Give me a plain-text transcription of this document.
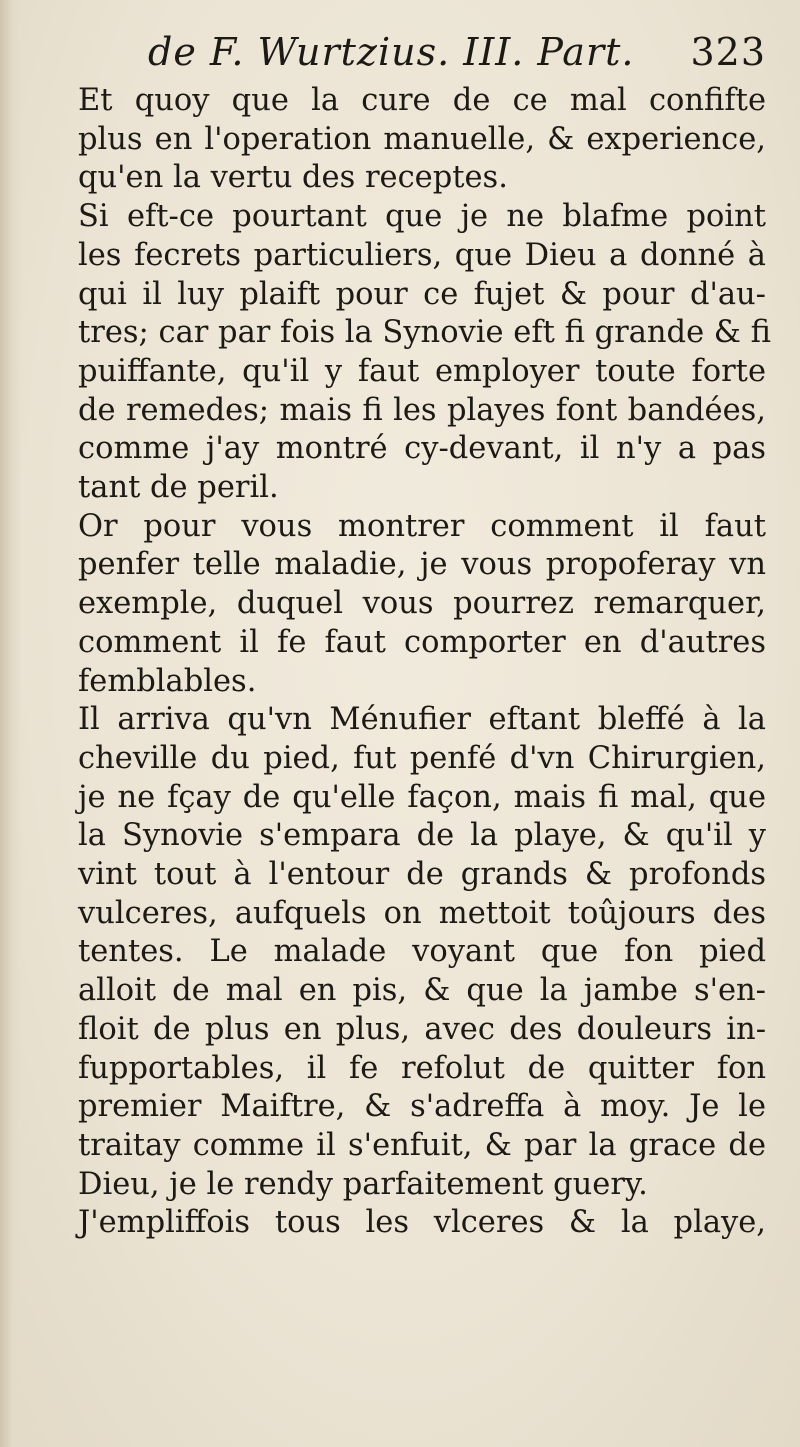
de F. Wurtzius. III. Part. 323
Et quoy que la cure de ce mal confifte
plus en l'operation manuelle, & experience,
qu'en la vertu des receptes.
Si eft-ce pourtant que je ne blafme point
les fecrets particuliers, que Dieu a donné à
qui il luy plaift pour ce fujet & pour d'au-
tres; car par fois la Synovie eft fi grande & fi
puiffante, qu'il y faut employer toute forte
de remedes; mais fi les playes font bandées,
comme j'ay montré cy-devant, il n'y a pas
tant de peril.
Or pour vous montrer comment il faut
penfer telle maladie, je vous propoferay vn
exemple, duquel vous pourrez remarquer,
comment il fe faut comporter en d'autres
femblables.
Il arriva qu'vn Ménufier eftant bleffé à la
cheville du pied, fut penfé d'vn Chirurgien,
je ne fçay de qu'elle façon, mais fi mal, que
la Synovie s'empara de la playe, & qu'il y
vint tout à l'entour de grands & profonds
vulceres, aufquels on mettoit toûjours des
tentes. Le malade voyant que fon pied
alloit de mal en pis, & que la jambe s'en-
floit de plus en plus, avec des douleurs in-
fupportables, il fe refolut de quitter fon
premier Maiftre, & s'adreffa à moy. Je le
traitay comme il s'enfuit, & par la grace de
Dieu, je le rendy parfaitement guery.
J'empliffois tous les vlceres & la playe,
